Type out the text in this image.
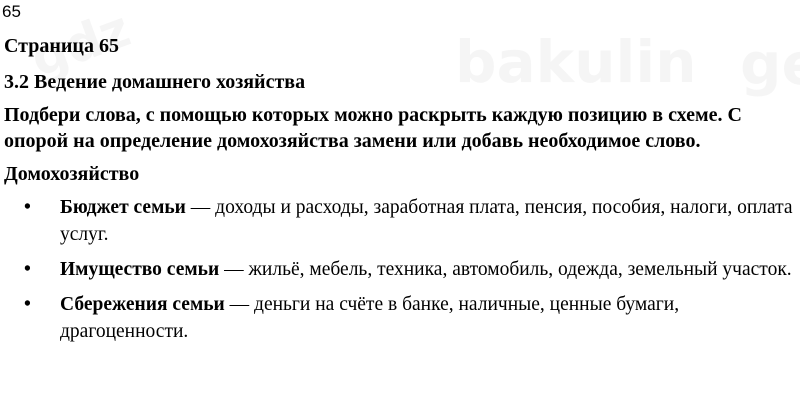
65
Страница 65
3.2 Ведение домашнего хозяйства
Подбери слова, с помощью которых можно раскрыть каждую позицию в схеме. С опорой на определение домохозяйства замени или добавь необходимое слово.
Домохозяйство
• Бюджет семьи — доходы и расходы, заработная плата, пенсия, пособия, налоги, оплата услуг.
• Имущество семьи — жильё, мебель, техника, автомобиль, одежда, земельный участок.
• Сбережения семьи — деньги на счёте в банке, наличные, ценные бумаги, драгоценности.
